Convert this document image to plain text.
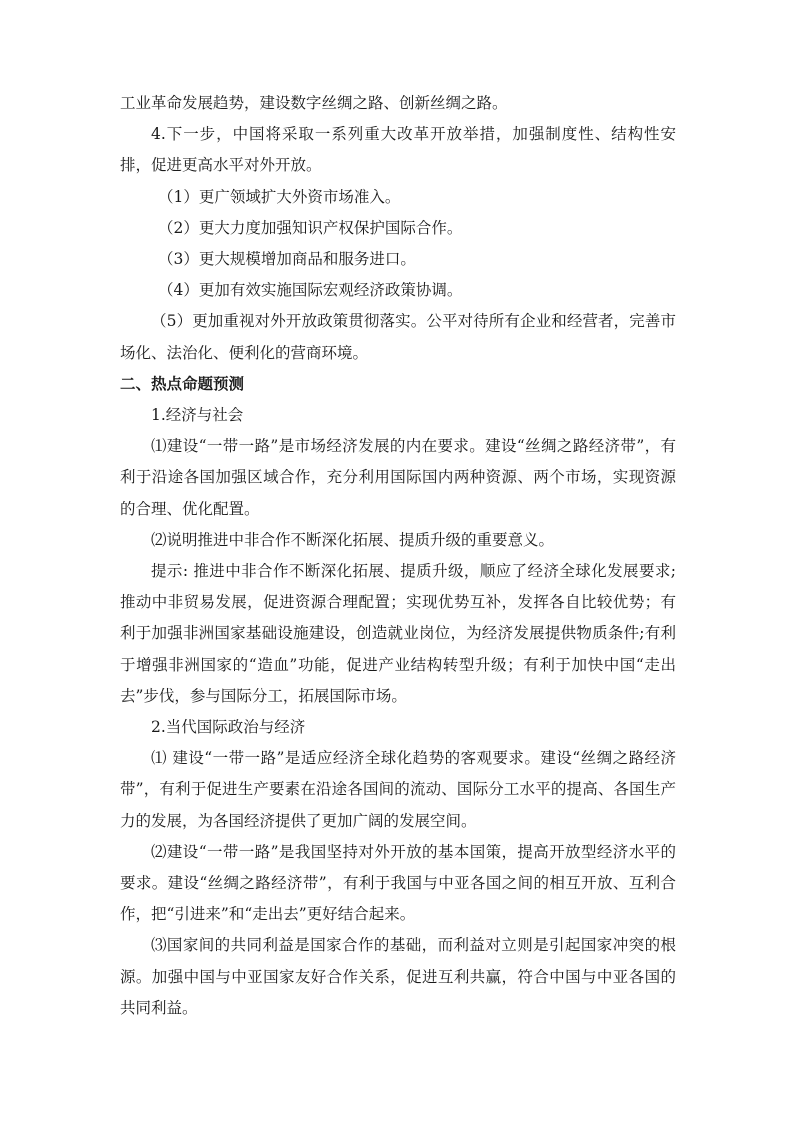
工业革命发展趋势，建设数字丝绸之路、创新丝绸之路。

4.下一步，中国将采取一系列重大改革开放举措，加强制度性、结构性安排，促进更高水平对外开放。

（1）更广领域扩大外资市场准入。

（2）更大力度加强知识产权保护国际合作。

（3）更大规模增加商品和服务进口。

（4）更加有效实施国际宏观经济政策协调。

（5）更加重视对外开放政策贯彻落实。公平对待所有企业和经营者，完善市场化、法治化、便利化的营商环境。

二、热点命题预测

1.经济与社会

⑴建设“一带一路”是市场经济发展的内在要求。建设“丝绸之路经济带”，有利于沿途各国加强区域合作，充分利用国际国内两种资源、两个市场，实现资源的合理、优化配置。

⑵说明推进中非合作不断深化拓展、提质升级的重要意义。

提示: 推进中非合作不断深化拓展、提质升级，顺应了经济全球化发展要求;推动中非贸易发展，促进资源合理配置；实现优势互补，发挥各自比较优势；有利于加强非洲国家基础设施建设，创造就业岗位，为经济发展提供物质条件;有利于增强非洲国家的“造血”功能，促进产业结构转型升级；有利于加快中国“走出去”步伐，参与国际分工，拓展国际市场。

2.当代国际政治与经济

⑴ 建设“一带一路”是适应经济全球化趋势的客观要求。建设“丝绸之路经济带”，有利于促进生产要素在沿途各国间的流动、国际分工水平的提高、各国生产力的发展，为各国经济提供了更加广阔的发展空间。

⑵建设“一带一路”是我国坚持对外开放的基本国策，提高开放型经济水平的要求。建设“丝绸之路经济带”，有利于我国与中亚各国之间的相互开放、互利合作，把“引进来”和“走出去”更好结合起来。

⑶国家间的共同利益是国家合作的基础，而利益对立则是引起国家冲突的根源。加强中国与中亚国家友好合作关系，促进互利共赢，符合中国与中亚各国的共同利益。
